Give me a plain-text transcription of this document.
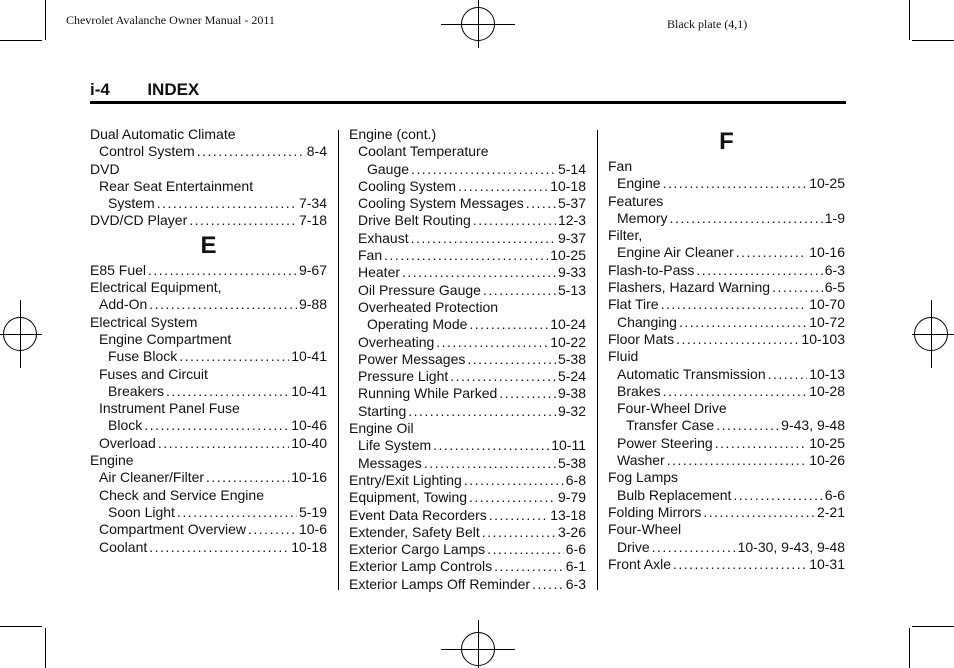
Chevrolet Avalanche Owner Manual - 2011	Black plate (4,1)
i-4 INDEX
Dual Automatic Climate
Control System . . .	8-4
DVD
Rear Seat Entertainment
System . . .	7-34
DVD/CD Player . . .	7-18
E
E85 Fuel . . .	9-67
Electrical Equipment,
Add-On . . .	9-88
Electrical System
Engine Compartment
Fuse Block . . .	10-41
Fuses and Circuit
Breakers . . .	10-41
Instrument Panel Fuse
Block . . .	10-46
Overload . . .	10-40
Engine
Air Cleaner/Filter . . .	10-16
Check and Service Engine
Soon Light . . .	5-19
Compartment Overview . . .	10-6
Coolant . . .	10-18
Engine (cont.)
Coolant Temperature
Gauge . . .	5-14
Cooling System . . .	10-18
Cooling System Messages . . . 5-37
Drive Belt Routing . . .	12-3
Exhaust . . .	9-37
Fan . . .	10-25
Heater . . .	9-33
Oil Pressure Gauge . . .	5-13
Overheated Protection
Operating Mode . . .	10-24
Overheating . . .	10-22
Power Messages . . .	5-38
Pressure Light . . .	5-24
Running While Parked . . .	9-38
Starting . . .	9-32
Engine Oil
Life System . . .	10-11
Messages . . .	5-38
Entry/Exit Lighting . . .	6-8
Equipment, Towing . . .	9-79
Event Data Recorders . . .	13-18
Extender, Safety Belt . . .	3-26
Exterior Cargo Lamps . . .	6-6
Exterior Lamp Controls . . .	6-1
Exterior Lamps Off Reminder . . .	6-3
F
Fan
Engine . . .	10-25
Features
Memory . . .	1-9
Filter,
Engine Air Cleaner . . .	10-16
Flash-to-Pass . . .	6-3
Flashers, Hazard Warning . . .	6-5
Flat Tire . . .	10-70
Changing . . .	10-72
Floor Mats . . .	10-103
Fluid
Automatic Transmission . . .	10-13
Brakes . . .	10-28
Four-Wheel Drive
Transfer Case . . .	9-43, 9-48
Power Steering . . .	10-25
Washer . . .	10-26
Fog Lamps
Bulb Replacement . . .	6-6
Folding Mirrors . . .	2-21
Four-Wheel
Drive . . .	10-30, 9-43, 9-48
Front Axle . . .	10-31
